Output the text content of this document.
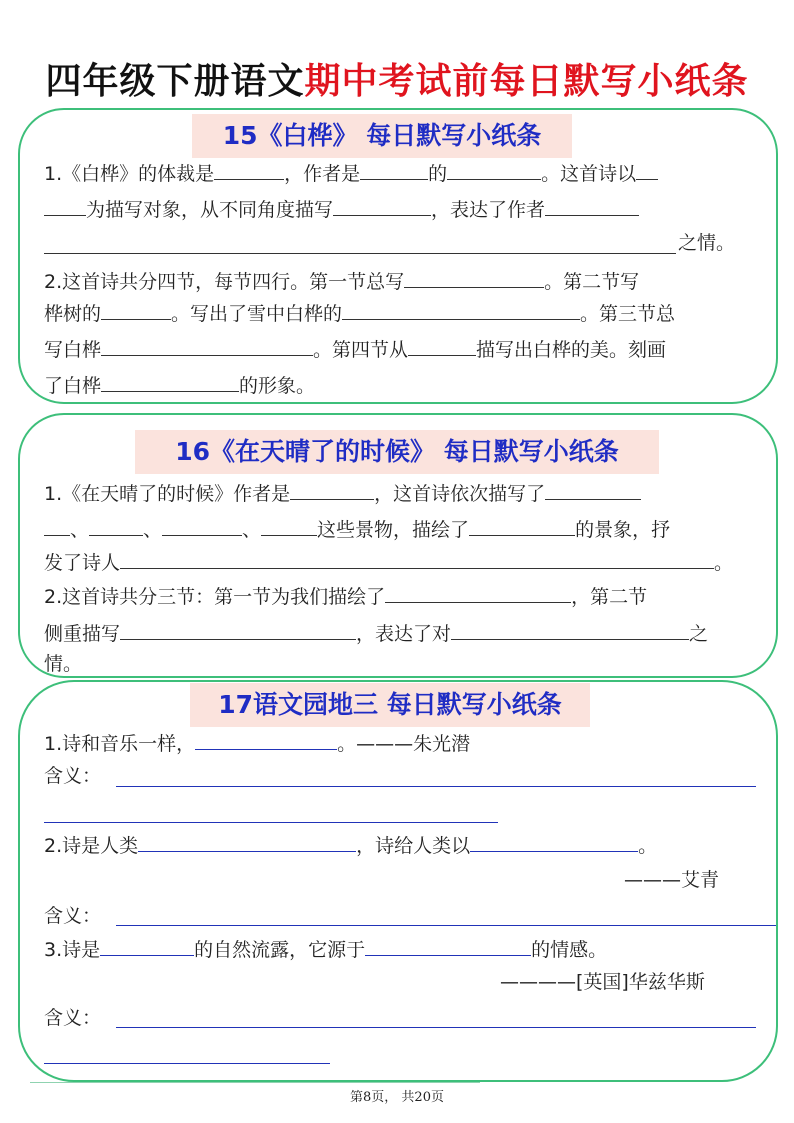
四年级下册语文期中考试前每日默写小纸条
15《白桦》 每日默写小纸条
1.《白桦》的体裁是	，作者是	的	。这首诗以
为描写对象，从不同角度描写	，表达了作者
之情。
2.这首诗共分四节，每节四行。第一节总写	。第二节写
桦树的	。写出了雪中白桦的	。第三节总
写白桦	。第四节从	描写出白桦的美。刻画
了白桦	的形象。
16《在天晴了的时候》 每日默写小纸条
1.《在天晴了的时候》作者是	，这首诗依次描写了
、	、	、	这些景物，描绘了	的景象，抒
发了诗人	。
2.这首诗共分三节：第一节为我们描绘了	，第二节
侧重描写	，表达了对	之
情。
17语文园地三 每日默写小纸条
1.诗和音乐一样，	。———朱光潜
含义：
2.诗是人类	，诗给人类以	。
———艾青
含义：
3.诗是	的自然流露，它源于	的情感。
————[英国]华兹华斯
含义：
第8页， 共20页
